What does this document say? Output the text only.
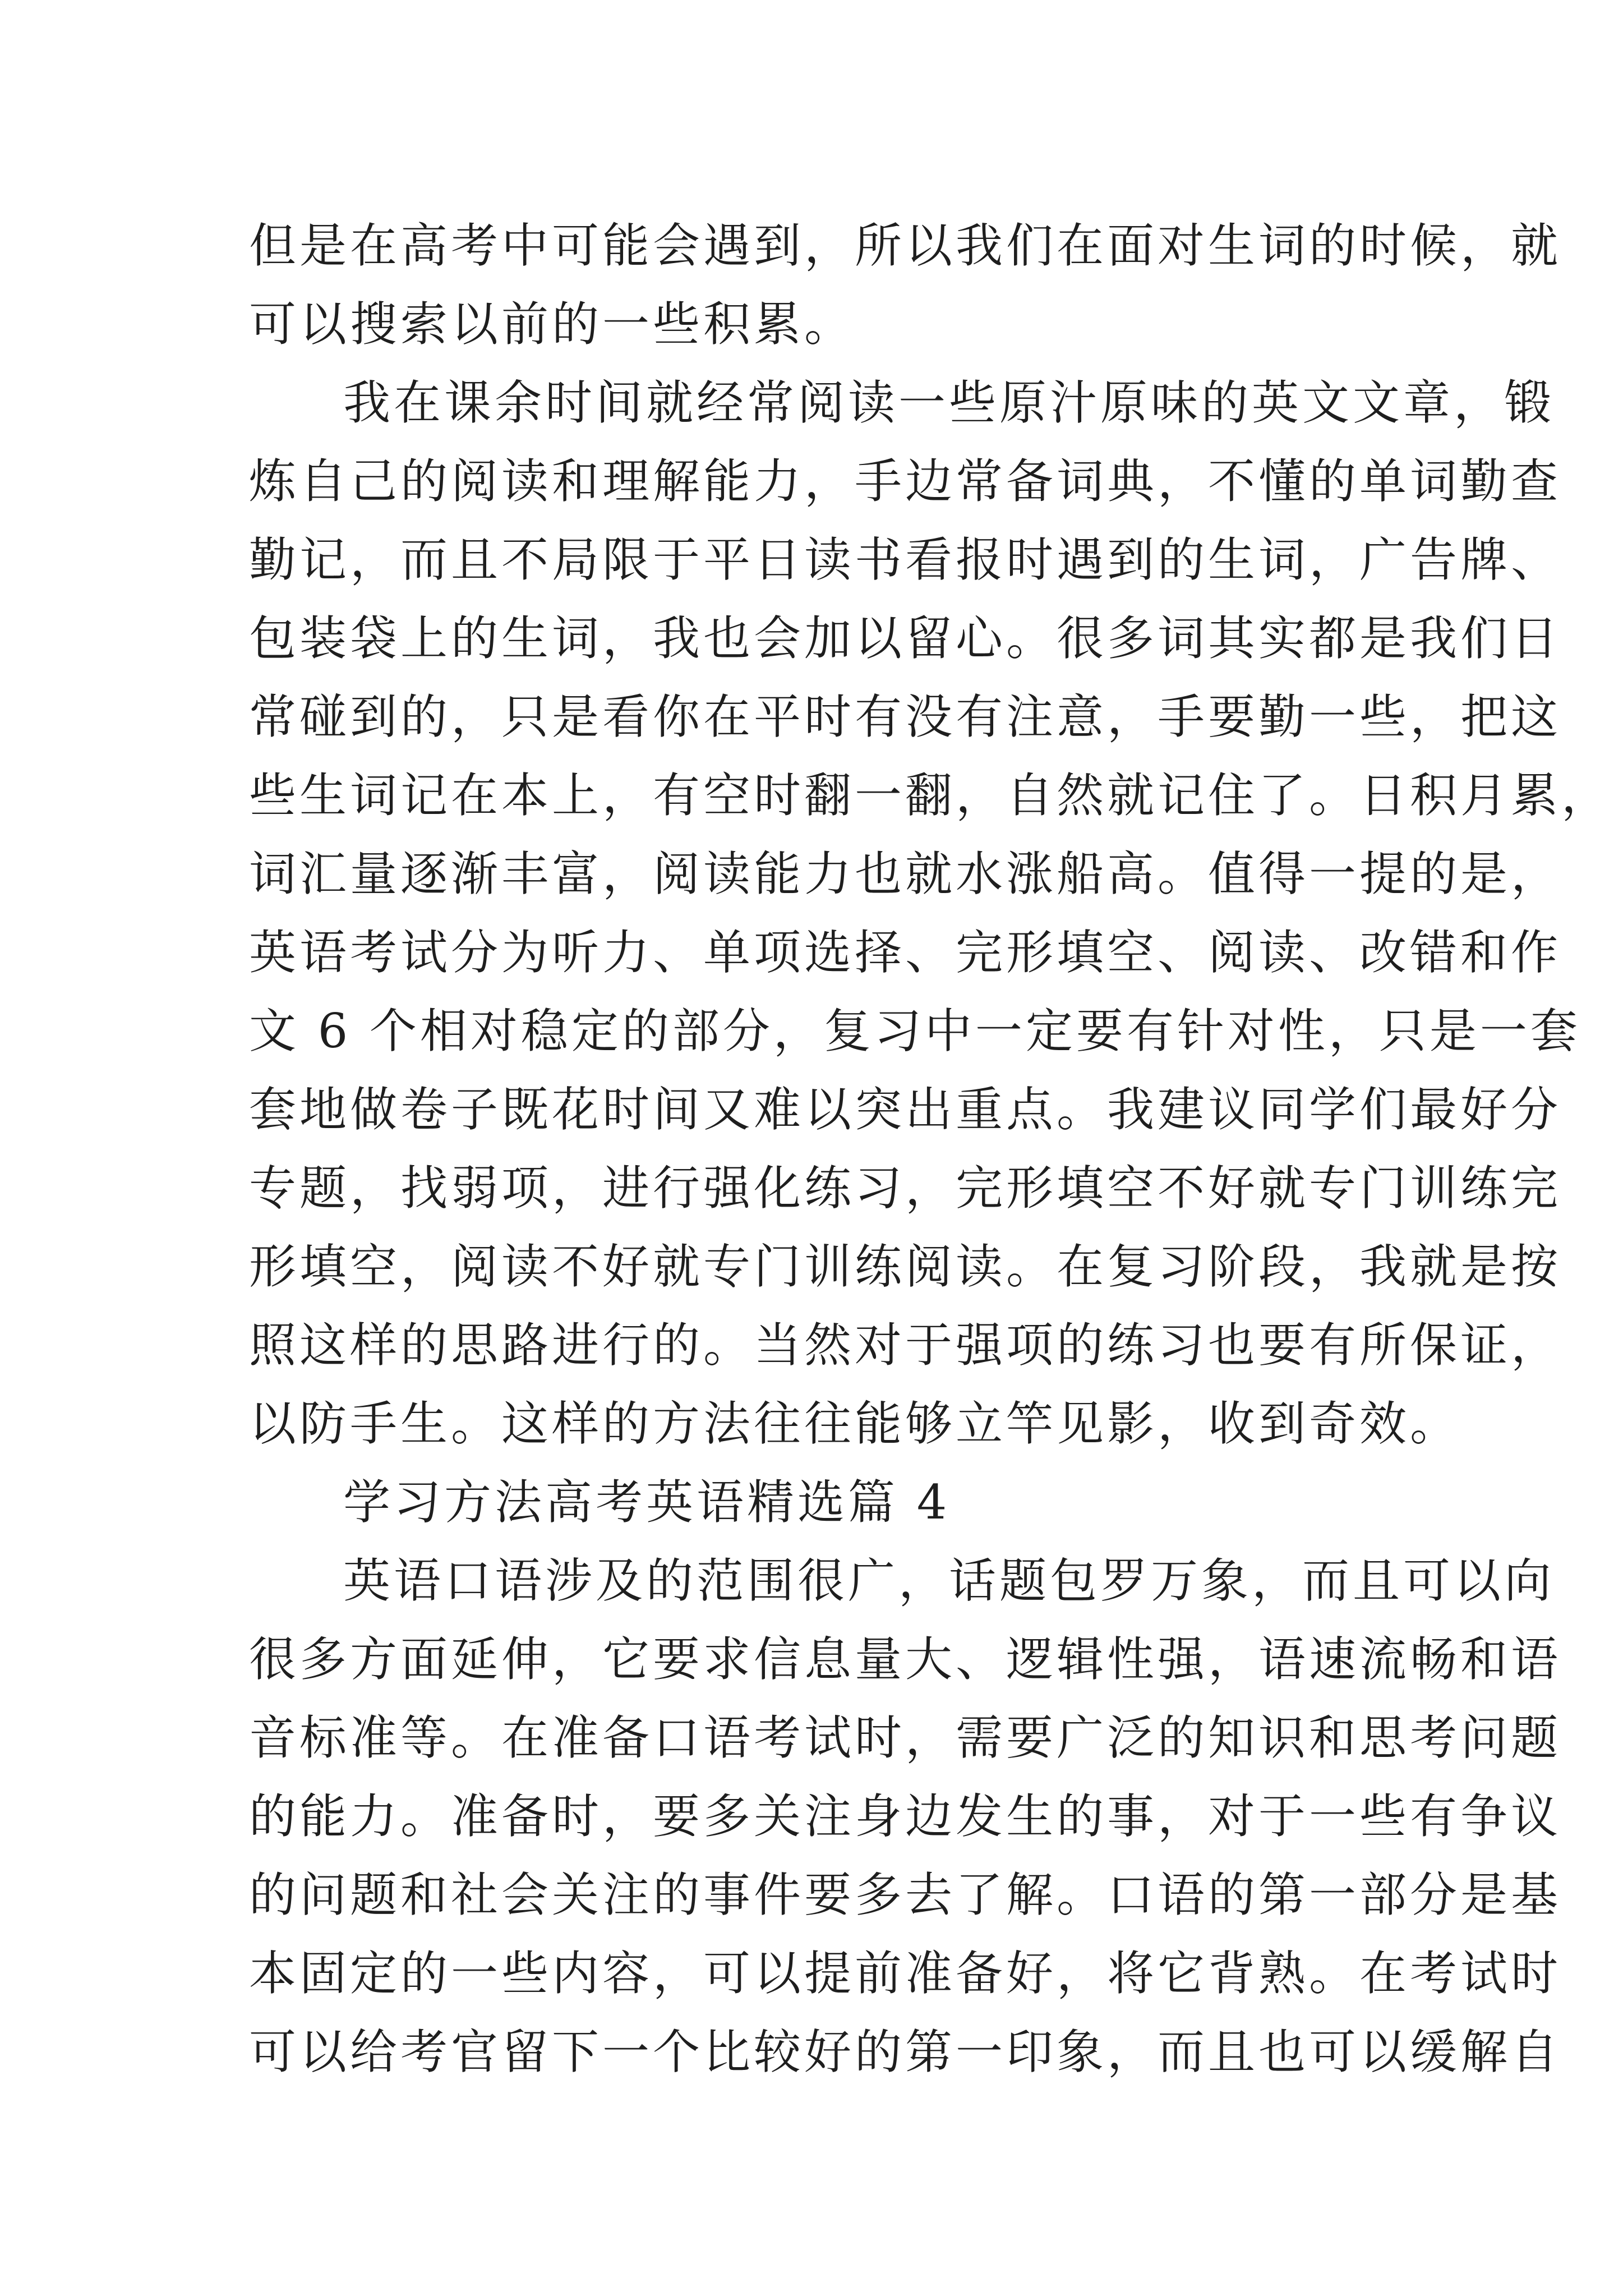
但是在高考中可能会遇到，所以我们在面对生词的时候，就
可以搜索以前的一些积累。
我在课余时间就经常阅读一些原汁原味的英文文章，锻
炼自己的阅读和理解能力，手边常备词典，不懂的单词勤查
勤记，而且不局限于平日读书看报时遇到的生词，广告牌、
包装袋上的生词，我也会加以留心。很多词其实都是我们日
常碰到的，只是看你在平时有没有注意，手要勤一些，把这
些生词记在本上，有空时翻一翻，自然就记住了。日积月累，
词汇量逐渐丰富，阅读能力也就水涨船高。值得一提的是，
英语考试分为听力、单项选择、完形填空、阅读、改错和作
文 6 个相对稳定的部分，复习中一定要有针对性，只是一套
套地做卷子既花时间又难以突出重点。我建议同学们最好分
专题，找弱项，进行强化练习，完形填空不好就专门训练完
形填空，阅读不好就专门训练阅读。在复习阶段，我就是按
照这样的思路进行的。当然对于强项的练习也要有所保证，
以防手生。这样的方法往往能够立竿见影，收到奇效。
学习方法高考英语精选篇 4
英语口语涉及的范围很广，话题包罗万象，而且可以向
很多方面延伸，它要求信息量大、逻辑性强，语速流畅和语
音标准等。在准备口语考试时，需要广泛的知识和思考问题
的能力。准备时，要多关注身边发生的事，对于一些有争议
的问题和社会关注的事件要多去了解。口语的第一部分是基
本固定的一些内容，可以提前准备好，将它背熟。在考试时
可以给考官留下一个比较好的第一印象，而且也可以缓解自
